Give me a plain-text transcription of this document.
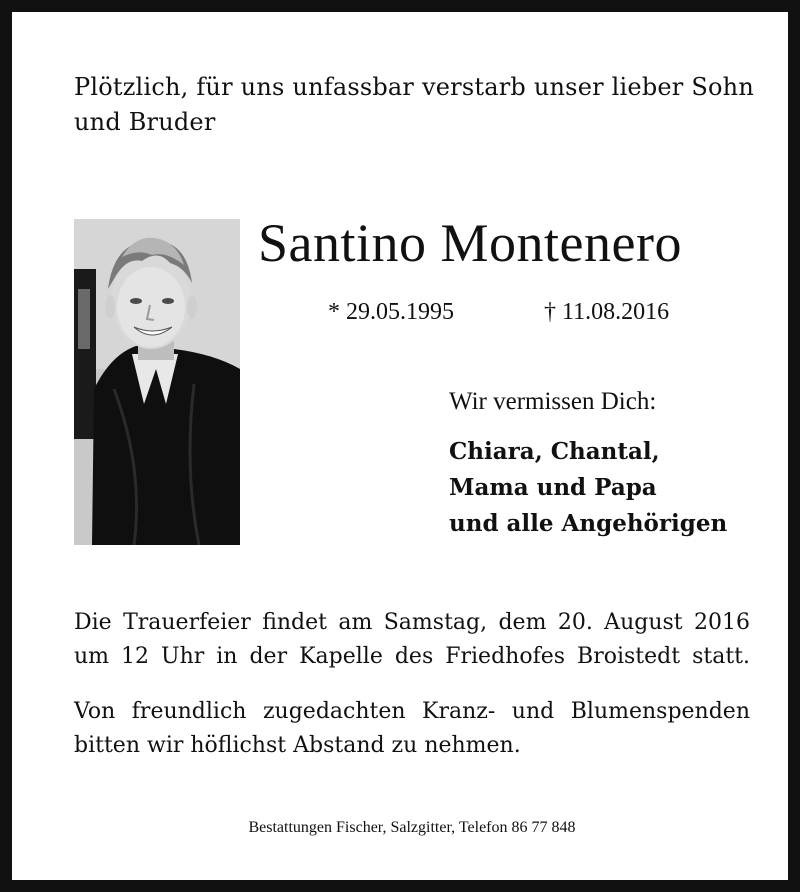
Plötzlich, für uns unfassbar verstarb unser lieber Sohn und Bruder
Santino Montenero
* 29.05.1995	† 11.08.2016
Wir vermissen Dich:
Chiara, Chantal,
Mama und Papa
und alle Angehörigen
Die Trauerfeier findet am Samstag, dem 20. August 2016
um 12 Uhr in der Kapelle des Friedhofes Broistedt statt.
Von freundlich zugedachten Kranz- und Blumenspenden
bitten wir höflichst Abstand zu nehmen.
Bestattungen Fischer, Salzgitter, Telefon 86 77 848
